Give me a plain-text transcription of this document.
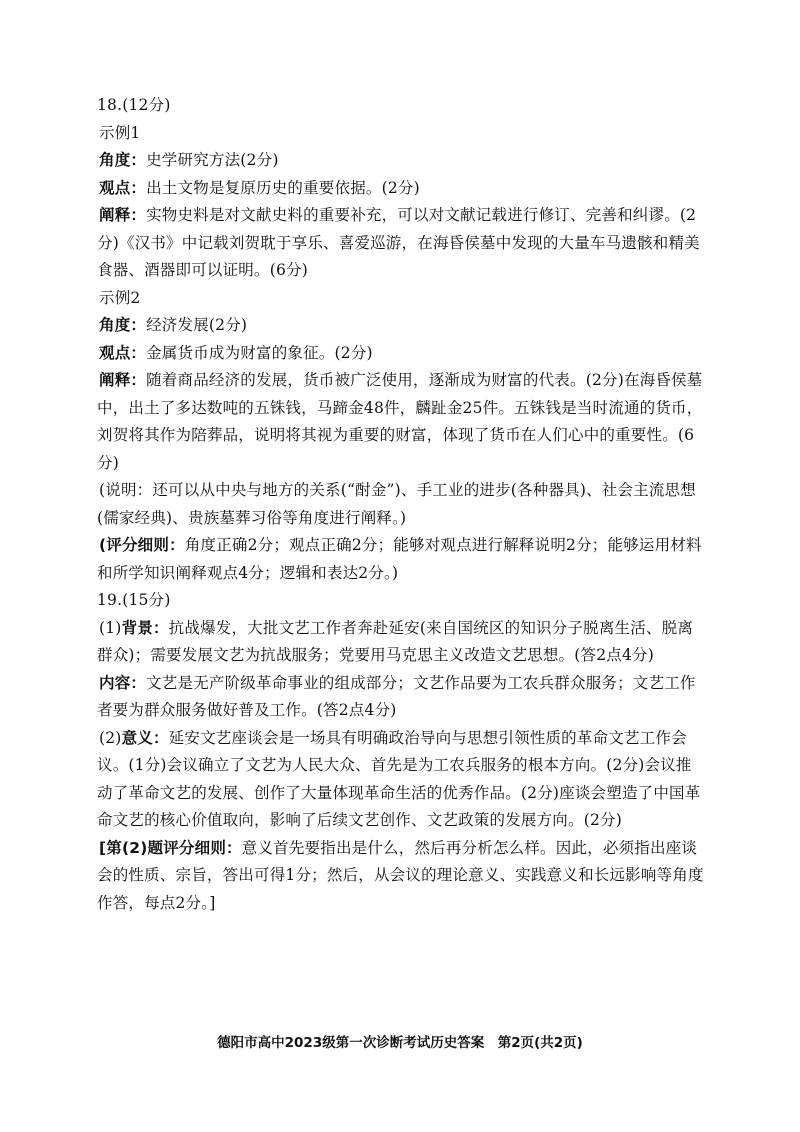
18.(12分)

示例1

角度：史学研究方法(2分)

观点：出土文物是复原历史的重要依据。(2分)

阐释：实物史料是对文献史料的重要补充，可以对文献记载进行修订、完善和纠谬。(2分)《汉书》中记载刘贺耽于享乐、喜爱巡游，在海昏侯墓中发现的大量车马遗骸和精美食器、酒器即可以证明。(6分)

示例2

角度：经济发展(2分)

观点：金属货币成为财富的象征。(2分)

阐释：随着商品经济的发展，货币被广泛使用，逐渐成为财富的代表。(2分)在海昏侯墓中，出土了多达数吨的五铢钱，马蹄金48件，麟趾金25件。五铢钱是当时流通的货币，刘贺将其作为陪葬品，说明将其视为重要的财富，体现了货币在人们心中的重要性。(6分)

(说明：还可以从中央与地方的关系(“酎金”)、手工业的进步(各种器具)、社会主流思想(儒家经典)、贵族墓葬习俗等角度进行阐释。)

(评分细则：角度正确2分；观点正确2分；能够对观点进行解释说明2分；能够运用材料和所学知识阐释观点4分；逻辑和表达2分。)

19.(15分)

(1)背景：抗战爆发，大批文艺工作者奔赴延安(来自国统区的知识分子脱离生活、脱离群众)；需要发展文艺为抗战服务；党要用马克思主义改造文艺思想。(答2点4分)

内容：文艺是无产阶级革命事业的组成部分；文艺作品要为工农兵群众服务；文艺工作者要为群众服务做好普及工作。(答2点4分)

(2)意义：延安文艺座谈会是一场具有明确政治导向与思想引领性质的革命文艺工作会议。(1分)会议确立了文艺为人民大众、首先是为工农兵服务的根本方向。(2分)会议推动了革命文艺的发展、创作了大量体现革命生活的优秀作品。(2分)座谈会塑造了中国革命文艺的核心价值取向，影响了后续文艺创作、文艺政策的发展方向。(2分)

[第(2)题评分细则：意义首先要指出是什么，然后再分析怎么样。因此，必须指出座谈会的性质、宗旨，答出可得1分；然后，从会议的理论意义、实践意义和长远影响等角度作答，每点2分。]

德阳市高中2023级第一次诊断考试历史答案　第2页(共2页)
